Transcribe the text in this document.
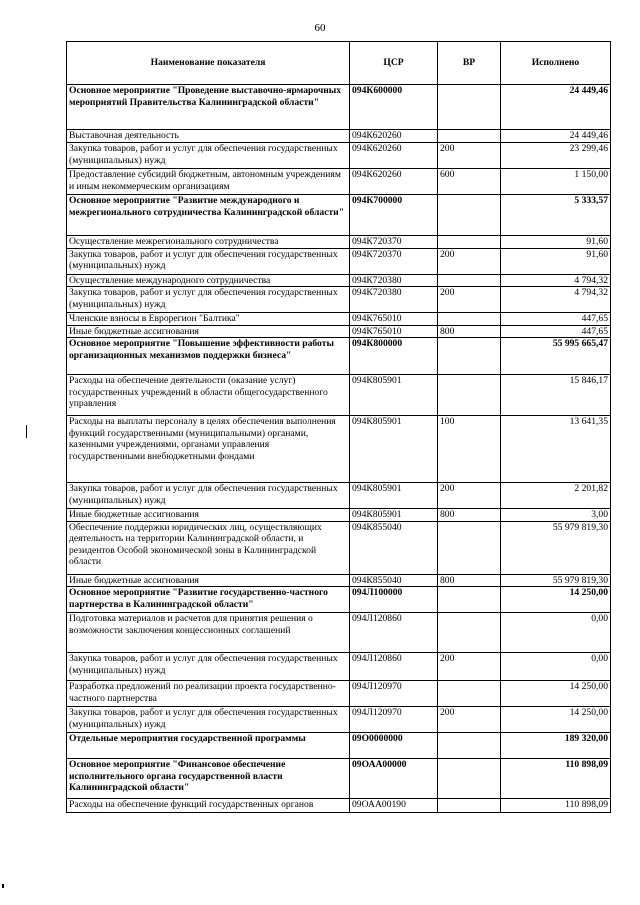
60
Наименование показателя	ЦСР	ВР	Исполнено
Основное мероприятие "Проведение выставочно-ярмарочных мероприятий Правительства Калининградской области"	094К600000		24 449,46
Выставочная деятельность	094К620260		24 449,46
Закупка товаров, работ и услуг для обеспечения государственных (муниципальных) нужд	094К620260	200	23 299,46
Предоставление субсидий бюджетным, автономным учреждениям и иным некоммерческим организациям	094К620260	600	1 150,00
Основное мероприятие "Развитие международного и межрегионального сотрудничества Калининградской области"	094К700000		5 333,57
Осуществление межрегионального сотрудничества	094К720370		91,60
Закупка товаров, работ и услуг для обеспечения государственных (муниципальных) нужд	094К720370	200	91,60
Осуществление международного сотрудничества	094К720380		4 794,32
Закупка товаров, работ и услуг для обеспечения государственных (муниципальных) нужд	094К720380	200	4 794,32
Членские взносы в Еврорегион "Балтика"	094К765010		447,65
Иные бюджетные ассигнования	094К765010	800	447,65
Основное мероприятие "Повышение эффективности работы организационных механизмов поддержки бизнеса"	094К800000		55 995 665,47
Расходы на обеспечение деятельности (оказание услуг) государственных учреждений в области общегосударственного управления	094К805901		15 846,17
Расходы на выплаты персоналу в целях обеспечения выполнения функций государственными (муниципальными) органами, казенными учреждениями, органами управления государственными внебюджетными фондами	094К805901	100	13 641,35
Закупка товаров, работ и услуг для обеспечения государственных (муниципальных) нужд	094К805901	200	2 201,82
Иные бюджетные ассигнования	094К805901	800	3,00
Обеспечение поддержки юридических лиц, осуществляющих деятельность на территории Калининградской области, и резидентов Особой экономической зоны в Калининградской области	094К855040		55 979 819,30
Иные бюджетные ассигнования	094К855040	800	55 979 819,30
Основное мероприятие "Развитие государственно-частного партнерства в Калининградской области"	094Л100000		14 250,00
Подготовка материалов и расчетов для принятия решения о возможности заключения концессионных соглашений	094Л120860		0,00
Закупка товаров, работ и услуг для обеспечения государственных (муниципальных) нужд	094Л120860	200	0,00
Разработка предложений по реализации проекта государственно-частного партнерства	094Л120970		14 250,00
Закупка товаров, работ и услуг для обеспечения государственных (муниципальных) нужд	094Л120970	200	14 250,00
Отдельные мероприятия государственной программы	09О0000000		189 320,00
Основное мероприятие "Финансовое обеспечение исполнительного органа государственной власти Калининградской области"	09ОАА00000		110 898,09
Расходы на обеспечение функций государственных органов	09ОАА00190		110 898,09
